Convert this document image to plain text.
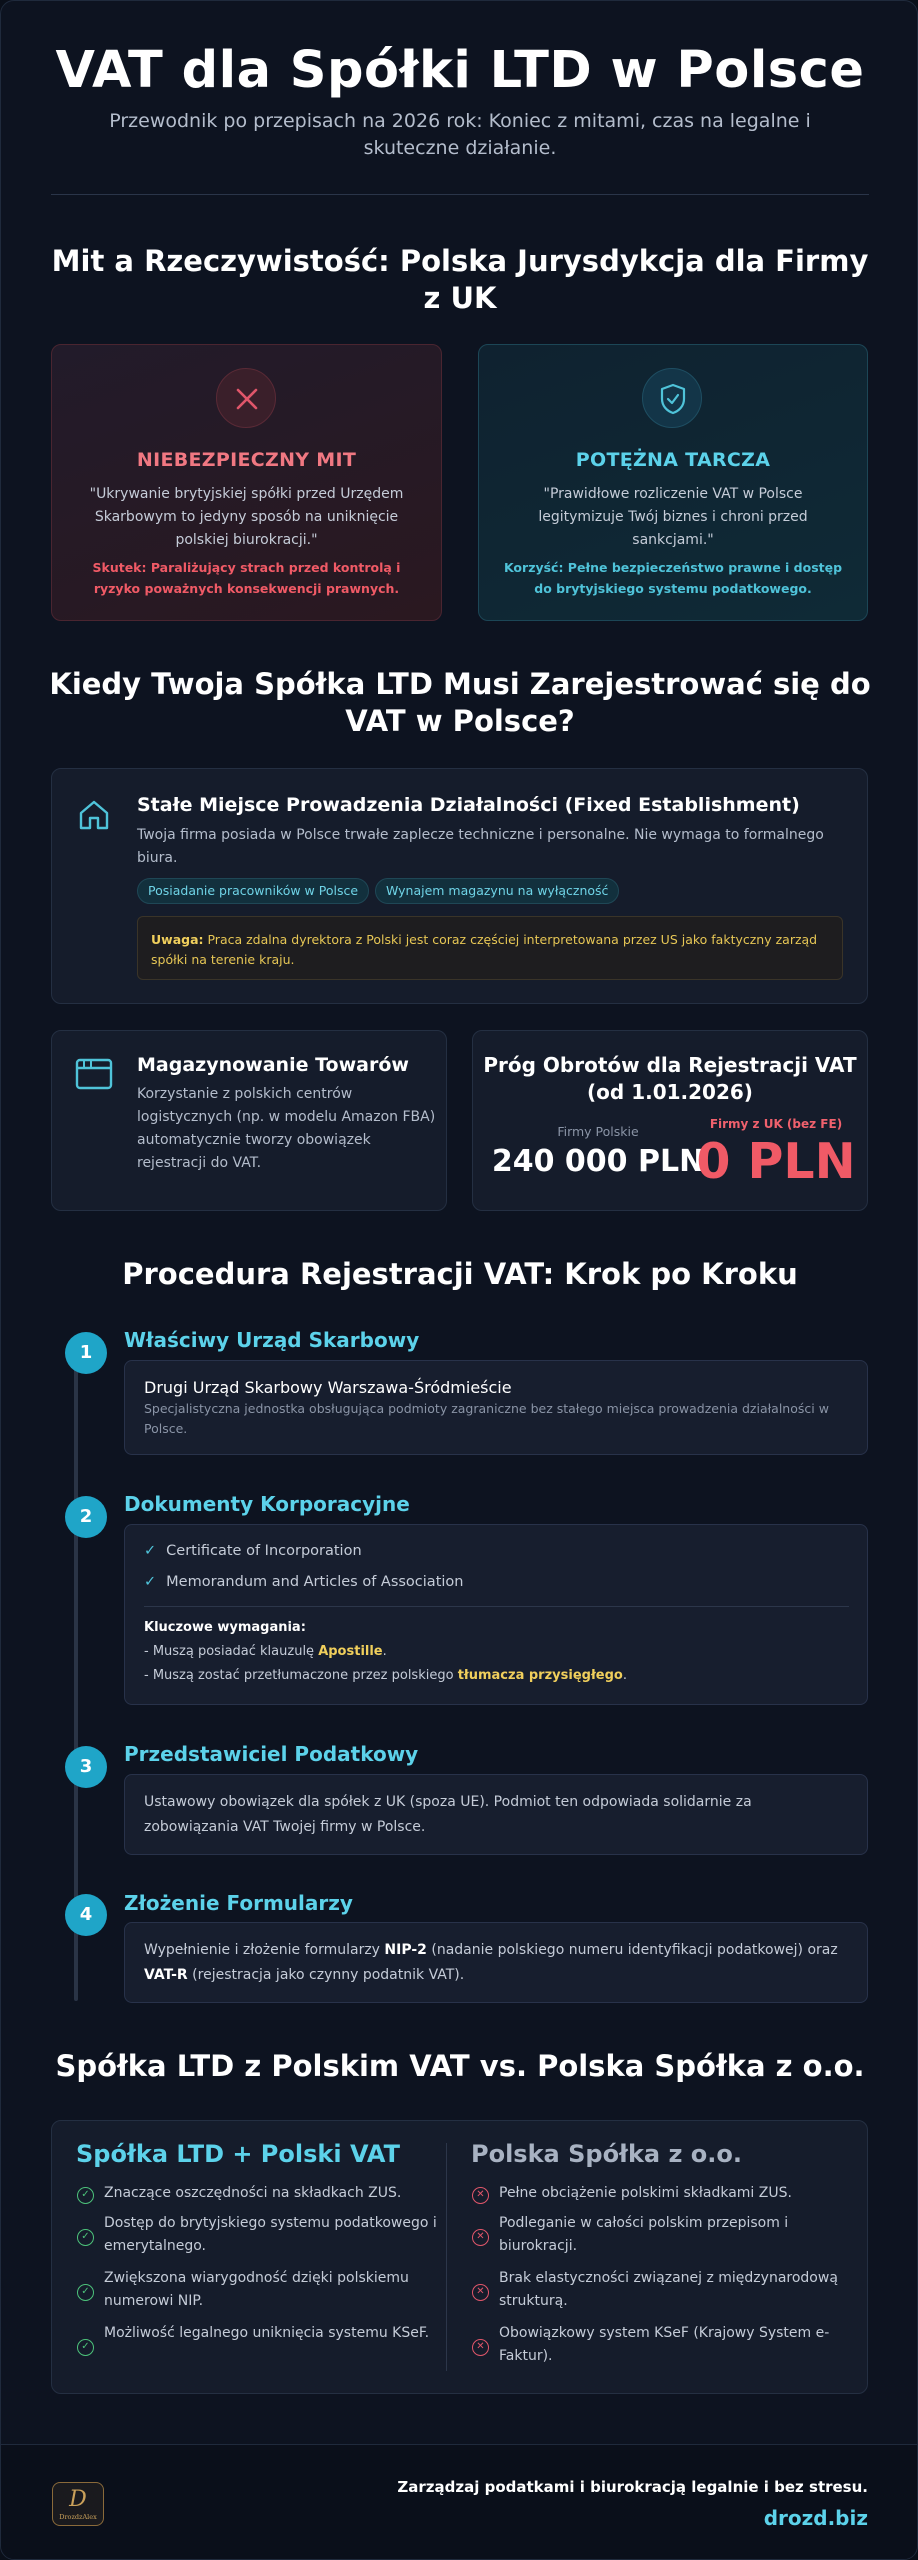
VAT dla Spółki LTD w Polsce
Przewodnik po przepisach na 2026 rok: Koniec z mitami, czas na legalne i skuteczne działanie.
Mit a Rzeczywistość: Polska Jurysdykcja dla Firmy z UK
NIEBEZPIECZNY MIT
"Ukrywanie brytyjskiej spółki przed Urzędem Skarbowym to jedyny sposób na uniknięcie polskiej biurokracji."
Skutek: Paraliżujący strach przed kontrolą i ryzyko poważnych konsekwencji prawnych.
POTĘŻNA TARCZA
"Prawidłowe rozliczenie VAT w Polsce legitymizuje Twój biznes i chroni przed sankcjami."
Korzyść: Pełne bezpieczeństwo prawne i dostęp do brytyjskiego systemu podatkowego.
Kiedy Twoja Spółka LTD Musi Zarejestrować się do VAT w Polsce?
Stałe Miejsce Prowadzenia Działalności (Fixed Establishment)
Twoja firma posiada w Polsce trwałe zaplecze techniczne i personalne. Nie wymaga to formalnego biura.
Posiadanie pracowników w Polsce	Wynajem magazynu na wyłączność
Uwaga: Praca zdalna dyrektora z Polski jest coraz częściej interpretowana przez US jako faktyczny zarząd spółki na terenie kraju.
Magazynowanie Towarów
Korzystanie z polskich centrów logistycznych (np. w modelu Amazon FBA) automatycznie tworzy obowiązek rejestracji do VAT.
Próg Obrotów dla Rejestracji VAT (od 1.01.2026)
Firmy Polskie
240 000 PLN
Firmy z UK (bez FE)
0 PLN
Procedura Rejestracji VAT: Krok po Kroku
1
Właściwy Urząd Skarbowy
Drugi Urząd Skarbowy Warszawa-Śródmieście
Specjalistyczna jednostka obsługująca podmioty zagraniczne bez stałego miejsca prowadzenia działalności w Polsce.
2
Dokumenty Korporacyjne
✓ Certificate of Incorporation
✓ Memorandum and Articles of Association
Kluczowe wymagania:
- Muszą posiadać klauzulę Apostille.
- Muszą zostać przetłumaczone przez polskiego tłumacza przysięgłego.
3
Przedstawiciel Podatkowy
Ustawowy obowiązek dla spółek z UK (spoza UE). Podmiot ten odpowiada solidarnie za zobowiązania VAT Twojej firmy w Polsce.
4	Złożenie Formularzy
Wypełnienie i złożenie formularzy NIP-2 (nadanie polskiego numeru identyfikacji podatkowej) oraz VAT-R (rejestracja jako czynny podatnik VAT).
Spółka LTD z Polskim VAT vs. Polska Spółka z o.o.
Spółka LTD + Polski VAT	Polska Spółka z o.o.
✓	Znaczące oszczędności na składkach ZUS.
✓
Dostęp do brytyjskiego systemu podatkowego i emerytalnego.
✓
Zwiększona wiarygodność dzięki polskiemu numerowi NIP.
✓
Możliwość legalnego uniknięcia systemu KSeF.
✕	Pełne obciążenie polskimi składkami ZUS.
✕
Podleganie w całości polskim przepisom i biurokracji.
✕
Brak elastyczności związanej z międzynarodową strukturą.
✕
Obowiązkowy system KSeF (Krajowy System e-Faktur).
D
DrozdzAlex
Zarządzaj podatkami i biurokracją legalnie i bez stresu.
drozd.biz
